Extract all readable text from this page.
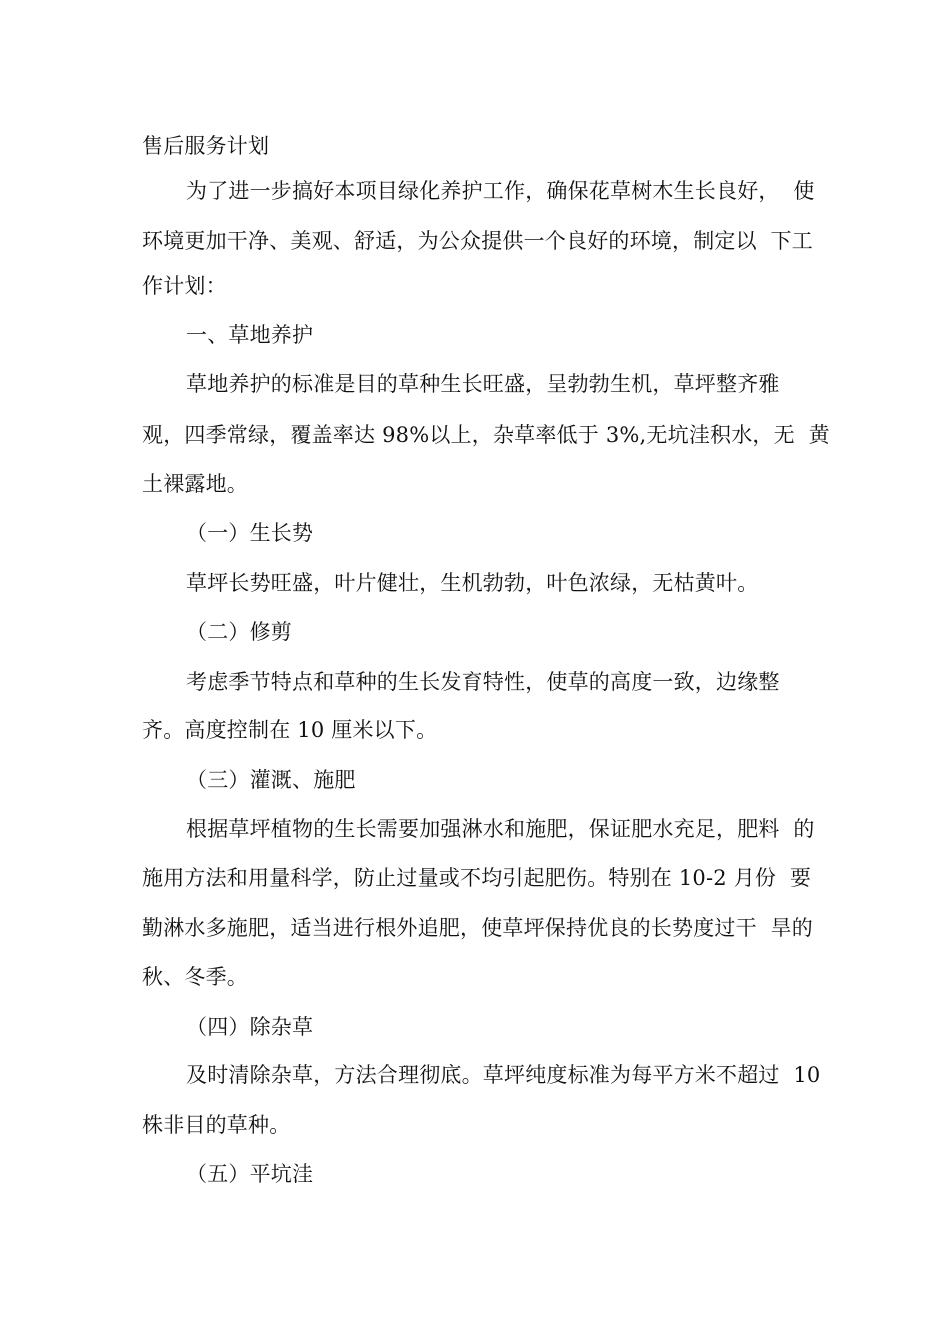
售后服务计划
为了进一步搞好本项目绿化养护工作，确保花草树木生长良好，  使
环境更加干净、美观、舒适，为公众提供一个良好的环境，制定以  下工
作计划：
一、草地养护
草地养护的标准是目的草种生长旺盛，呈勃勃生机，草坪整齐雅
观，四季常绿，覆盖率达 98%以上，杂草率低于 3%,无坑洼积水，无  黄
土裸露地。
（一）生长势
草坪长势旺盛，叶片健壮，生机勃勃，叶色浓绿，无枯黄叶。
（二）修剪
考虑季节特点和草种的生长发育特性，使草的高度一致，边缘整
齐。高度控制在 10 厘米以下。
（三）灌溉、施肥
根据草坪植物的生长需要加强淋水和施肥，保证肥水充足，肥料  的
施用方法和用量科学，防止过量或不均引起肥伤。特别在 10-2 月份  要
勤淋水多施肥，适当进行根外追肥，使草坪保持优良的长势度过干  旱的
秋、冬季。
（四）除杂草
及时清除杂草，方法合理彻底。草坪纯度标准为每平方米不超过  10
株非目的草种。
（五）平坑洼
